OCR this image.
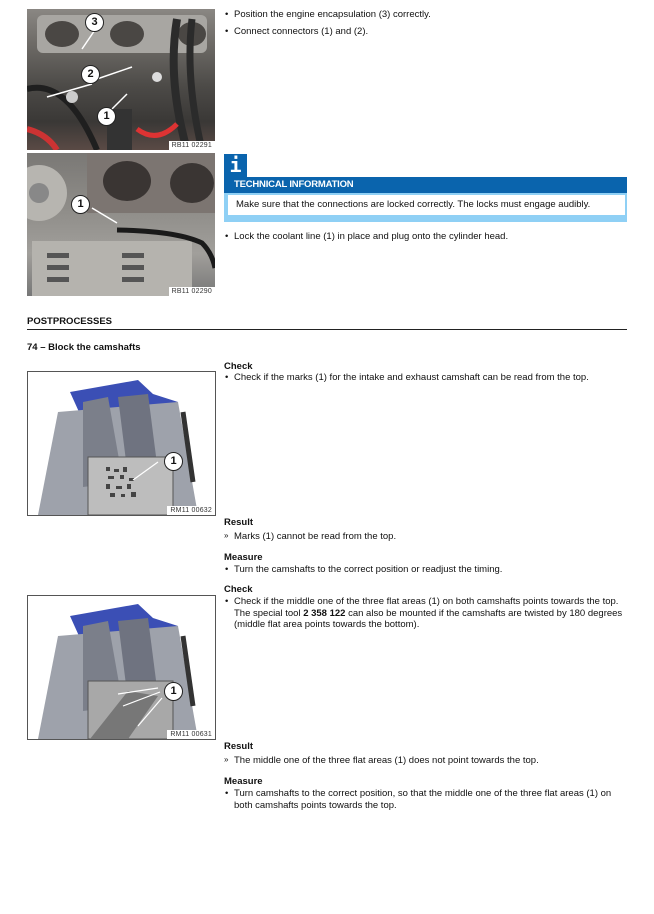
3
2
1
RB11 02291
1
RB11 02290
• Position the engine encapsulation (3) correctly.
• Connect connectors (1) and (2).
i
TECHNICAL INFORMATION
Make sure that the connections are locked correctly. The locks must engage audibly.
• Lock the coolant line (1) in place and plug onto the cylinder head.
POSTPROCESSES
74 – Block the camshafts
1
RM11 00632
Check
• Check if the marks (1) for the intake and exhaust camshaft can be read from the top.
Result
» Marks (1) cannot be read from the top.
Measure
• Turn the camshafts to the correct position or readjust the timing.
1
RM11 00631
Check
• Check if the middle one of the three flat areas (1) on both camshafts points towards the top. The special tool 2 358 122 can also be mounted if the camshafts are twisted by 180 degrees (middle flat area points towards the bottom).
Result
» The middle one of the three flat areas (1) does not point towards the top.
Measure
• Turn camshafts to the correct position, so that the middle one of the three flat areas (1) on both camshafts points towards the top.
